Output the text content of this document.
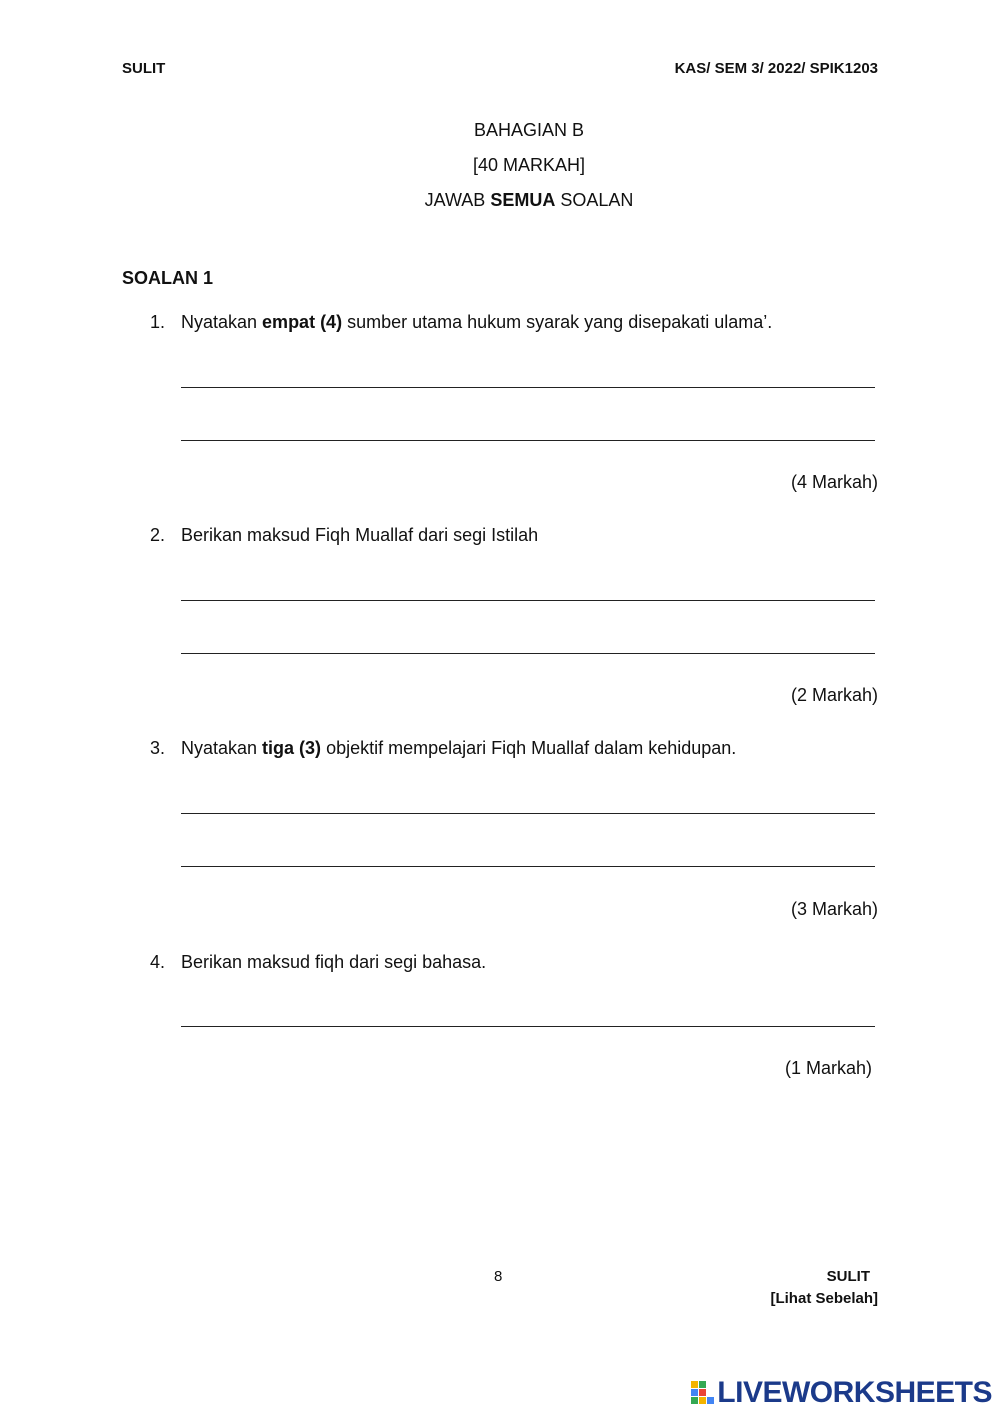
SULIT	KAS/ SEM 3/ 2022/ SPIK1203
BAHAGIAN B
[40 MARKAH]
JAWAB SEMUA SOALAN
SOALAN 1
1. Nyatakan empat (4) sumber utama hukum syarak yang disepakati ulama’.
(4 Markah)
2. Berikan maksud Fiqh Muallaf dari segi Istilah
(2 Markah)
3. Nyatakan tiga (3) objektif mempelajari Fiqh Muallaf dalam kehidupan.
(3 Markah)
4. Berikan maksud fiqh dari segi bahasa.
(1 Markah)
8	SULIT
[Lihat Sebelah]
LIVEWORKSHEETS
